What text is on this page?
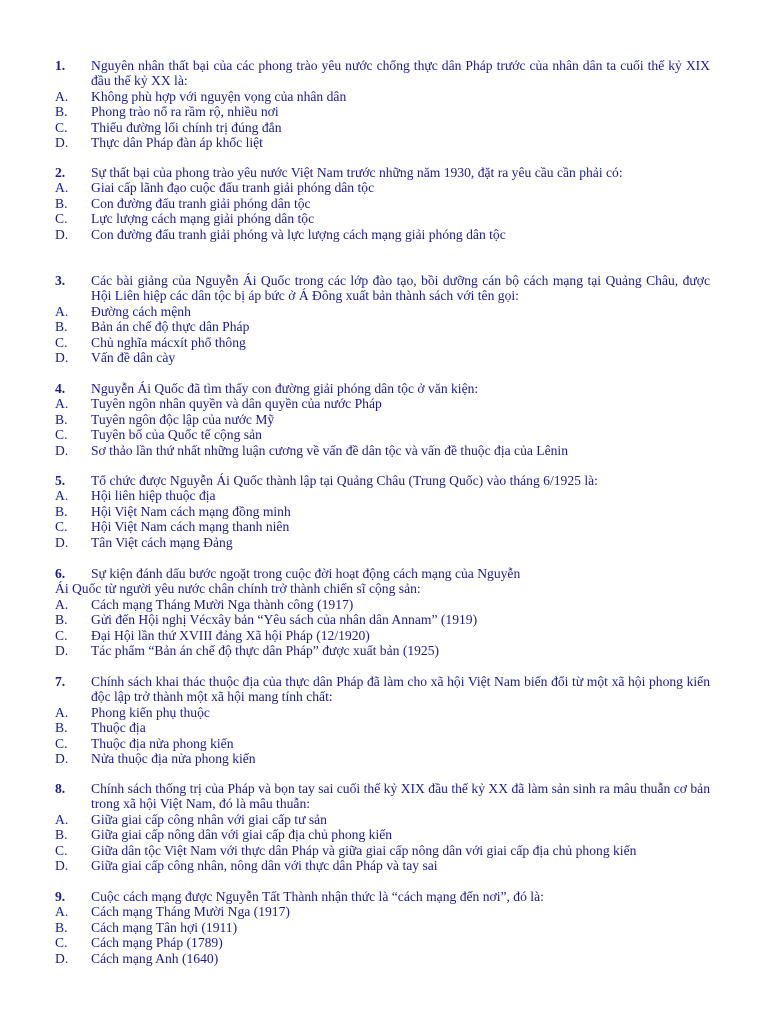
1.	Nguyên nhân thất bại của các phong trào yêu nước chống thực dân Pháp trước của nhân dân ta cuối thế kỷ XIX đầu thế kỷ XX là:
A.	Không phù hợp với nguyện vọng của nhân dân
B.	Phong trào nổ ra rầm rộ, nhiều nơi
C.	Thiếu đường lối chính trị đúng đắn
D.	Thực dân Pháp đàn áp khốc liệt
2.	Sự thất bại của phong trào yêu nước Việt Nam trước những năm 1930, đặt ra yêu cầu cần phải có:
A.	Giai cấp lãnh đạo cuộc đấu tranh giải phóng dân tộc
B.	Con đường đấu tranh giải phóng dân tộc
C.	Lực lượng cách mạng giải phóng dân tộc
D.	Con đường đấu tranh giải phóng và lực lượng cách mạng giải phóng dân tộc
3.	Các bài giảng của Nguyễn Ái Quốc trong các lớp đào tạo, bồi dưỡng cán bộ cách mạng tại Quảng Châu, được Hội Liên hiệp các dân tộc bị áp bức ở Á Đông xuất bản thành sách với tên gọi:
A.	Đường cách mệnh
B.	Bản án chế độ thực dân Pháp
C.	Chủ nghĩa mácxít phổ thông
D.	Vấn đề dân cày
4.	Nguyễn Ái Quốc đã tìm thấy con đường giải phóng dân tộc ở văn kiện:
A.	Tuyên ngôn nhân quyền và dân quyền của nước Pháp
B.	Tuyên ngôn độc lập của nước Mỹ
C.	Tuyên bố của Quốc tế cộng sản
D.	Sơ thảo lần thứ nhất những luận cương về vấn đề dân tộc và vấn đề thuộc địa của Lênin
5.	Tổ chức được Nguyễn Ái Quốc thành lập tại Quảng Châu (Trung Quốc) vào tháng 6/1925 là:
A.	Hội liên hiệp thuộc địa
B.	Hội Việt Nam cách mạng đồng minh
C.	Hội Việt Nam cách mạng thanh niên
D.	Tân Việt cách mạng Đảng
6. Sự kiện đánh dấu bước ngoặt trong cuộc đời hoạt động cách mạng của Nguyễn
Ái Quốc từ người yêu nước chân chính trở thành chiến sĩ cộng sản:
A.	Cách mạng Tháng Mười Nga thành công (1917)
B.	Gửi đến Hội nghị Vécxây bản “Yêu sách của nhân dân Annam” (1919)
C.	Đại Hội lần thứ XVIII đảng Xã hội Pháp (12/1920)
D.	Tác phẩm “Bản án chế độ thực dân Pháp” được xuất bản (1925)
7.	Chính sách khai thác thuộc địa của thực dân Pháp đã làm cho xã hội Việt Nam biến đổi từ một xã hội phong kiến độc lập trở thành một xã hội mang tính chất:
A.	Phong kiến phụ thuộc
B.	Thuộc địa
C.	Thuộc địa nửa phong kiến
D.	Nửa thuộc địa nửa phong kiến
8.	Chính sách thống trị của Pháp và bọn tay sai cuối thế kỷ XIX đầu thế kỷ XX đã làm sản sinh ra mâu thuẫn cơ bản trong xã hội Việt Nam, đó là mâu thuẫn:
A.	Giữa giai cấp công nhân với giai cấp tư sản
B.	Giữa giai cấp nông dân với giai cấp địa chủ phong kiến
C.	Giữa dân tộc Việt Nam với thực dân Pháp và giữa giai cấp nông dân với giai cấp địa chủ phong kiến
D.	Giữa giai cấp công nhân, nông dân với thực dân Pháp và tay sai
9.	Cuộc cách mạng được Nguyễn Tất Thành nhận thức là “cách mạng đến nơi”, đó là:
A.	Cách mạng Tháng Mười Nga (1917)
B.	Cách mạng Tân hợi (1911)
C.	Cách mạng Pháp (1789)
D.	Cách mạng Anh (1640)
